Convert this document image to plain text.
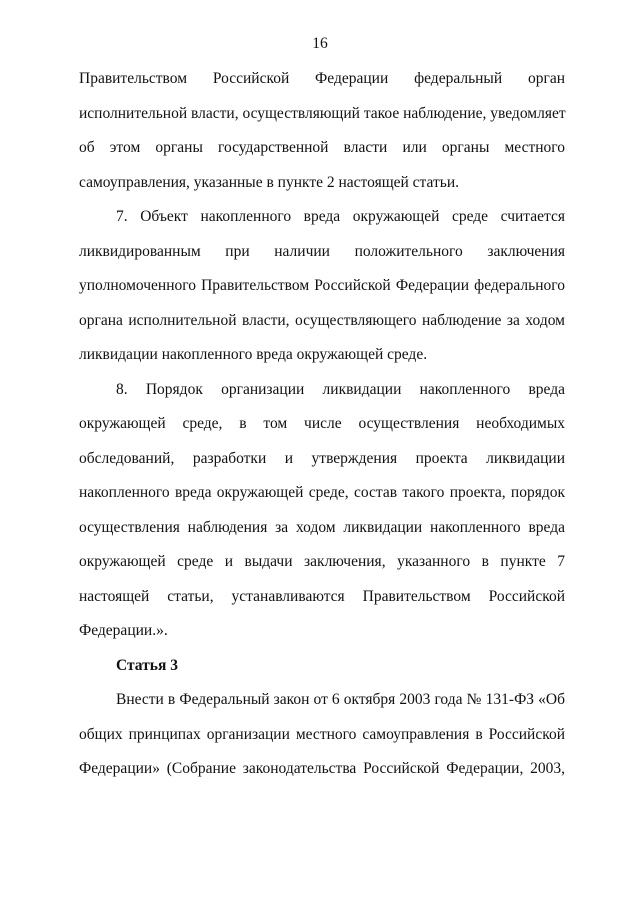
16
Правительством Российской Федерации федеральный орган
исполнительной власти, осуществляющий такое наблюдение, уведомляет
об этом органы государственной власти или органы местного
самоуправления, указанные в пункте 2 настоящей статьи.
7. Объект накопленного вреда окружающей среде считается
ликвидированным при наличии положительного заключения
уполномоченного Правительством Российской Федерации федерального
органа исполнительной власти, осуществляющего наблюдение за ходом
ликвидации накопленного вреда окружающей среде.
8. Порядок организации ликвидации накопленного вреда
окружающей среде, в том числе осуществления необходимых
обследований, разработки и утверждения проекта ликвидации
накопленного вреда окружающей среде, состав такого проекта, порядок
осуществления наблюдения за ходом ликвидации накопленного вреда
окружающей среде и выдачи заключения, указанного в пункте 7
настоящей статьи, устанавливаются Правительством Российской
Федерации.».
Статья 3
Внести в Федеральный закон от 6 октября 2003 года № 131-ФЗ «Об
общих принципах организации местного самоуправления в Российской
Федерации» (Собрание законодательства Российской Федерации, 2003,
